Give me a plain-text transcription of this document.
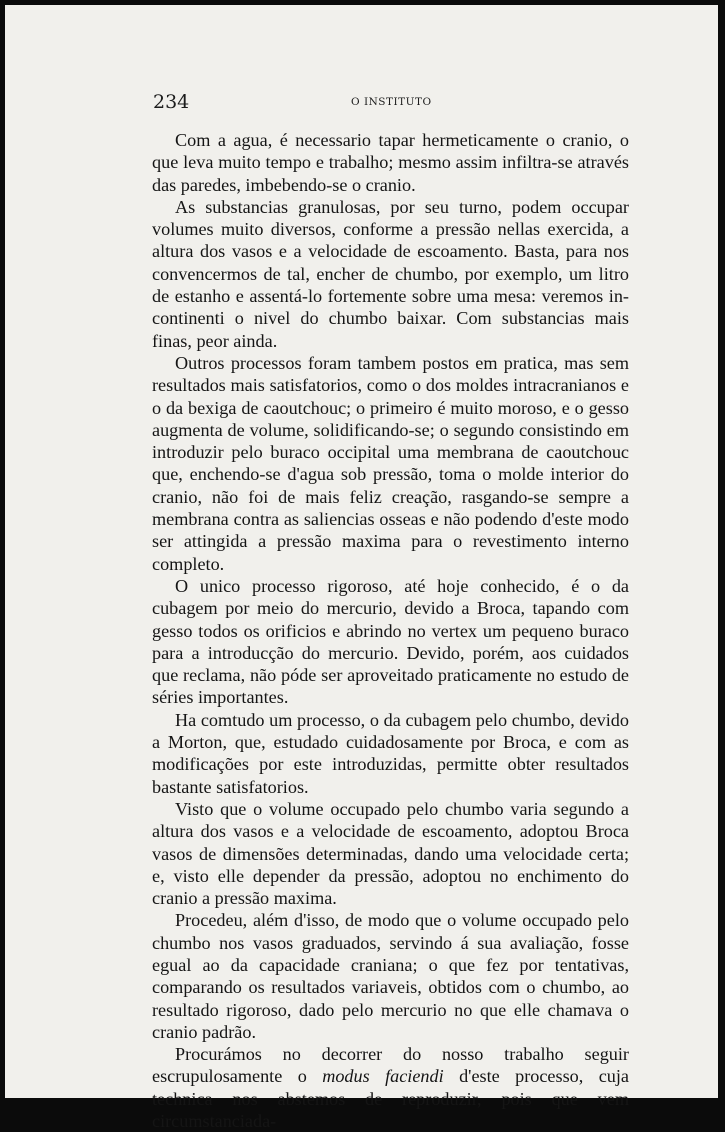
234	O INSTITUTO

Com a agua, é necessario tapar hermeticamente o cranio, o que leva muito tempo e trabalho; mesmo assim infiltra-se através das paredes, imbebendo-se o cranio.

As substancias granulosas, por seu turno, podem occupar volumes muito diversos, conforme a pressão nellas exercida, a altura dos vasos e a velocidade de escoamento. Basta, para nos convencermos de tal, encher de chumbo, por exemplo, um litro de estanho e assentá-lo fortemente sobre uma mesa: veremos in-continenti o nivel do chumbo baixar. Com substancias mais finas, peor ainda.

Outros processos foram tambem postos em pratica, mas sem resultados mais satisfatorios, como o dos moldes intracranianos e o da bexiga de caoutchouc; o primeiro é muito moroso, e o gesso augmenta de volume, solidificando-se; o segundo consistindo em introduzir pelo buraco occipital uma membrana de caoutchouc que, enchendo-se d'agua sob pressão, toma o molde interior do cranio, não foi de mais feliz creação, rasgando-se sempre a membrana contra as saliencias osseas e não podendo d'este modo ser attingida a pressão maxima para o revestimento interno completo.

O unico processo rigoroso, até hoje conhecido, é o da cubagem por meio do mercurio, devido a Broca, tapando com gesso todos os orificios e abrindo no vertex um pequeno buraco para a introducção do mercurio. Devido, porém, aos cuidados que reclama, não póde ser aproveitado praticamente no estudo de séries importantes.

Ha comtudo um processo, o da cubagem pelo chumbo, devido a Morton, que, estudado cuidadosamente por Broca, e com as modificações por este introduzidas, permitte obter resultados bastante satisfatorios.

Visto que o volume occupado pelo chumbo varia segundo a altura dos vasos e a velocidade de escoamento, adoptou Broca vasos de dimensões determinadas, dando uma velocidade certa; e, visto elle depender da pressão, adoptou no enchimento do cranio a pressão maxima.

Procedeu, além d'isso, de modo que o volume occupado pelo chumbo nos vasos graduados, servindo á sua avaliação, fosse egual ao da capacidade craniana; o que fez por tentativas, comparando os resultados variaveis, obtidos com o chumbo, ao resultado rigoroso, dado pelo mercurio no que elle chamava o cranio padrão.

Procurámos no decorrer do nosso trabalho seguir escrupulosamente o modus faciendi d'este processo, cuja technica nos abstemos de reproduzir, pois que vem circumstanciada-
